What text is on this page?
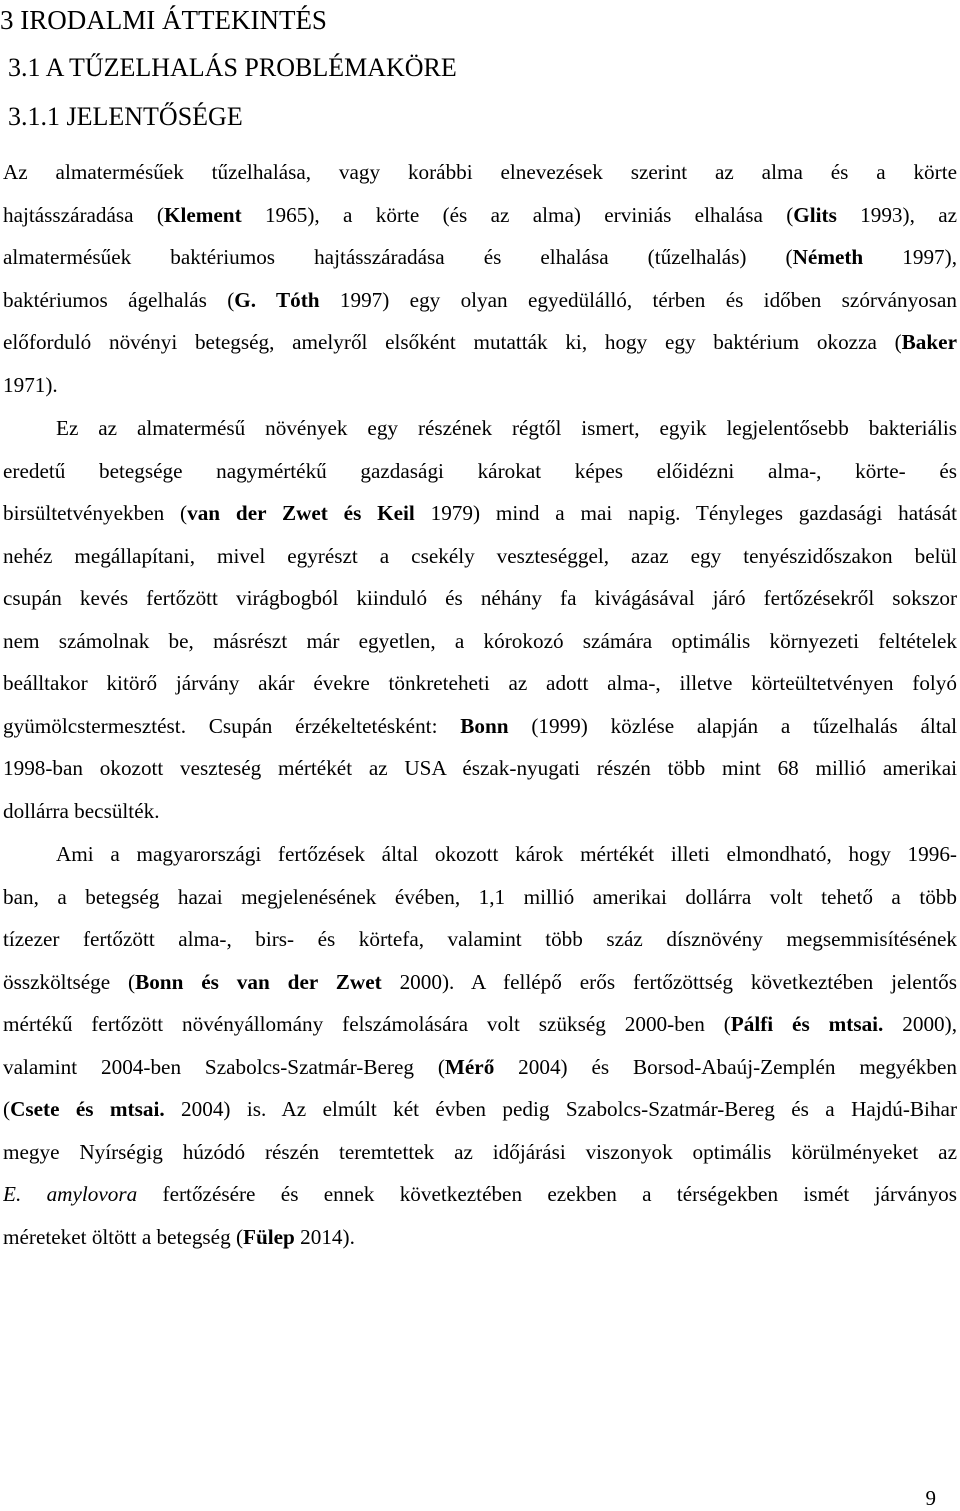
3 IRODALMI ÁTTEKINTÉS
3.1 A TŰZELHALÁS PROBLÉMAKÖRE
3.1.1 JELENTŐSÉGE
Az almatermésűek tűzelhalása, vagy korábbi elnevezések szerint az alma és a körte
hajtásszáradása (Klement 1965), a körte (és az alma) erviniás elhalása (Glits 1993), az
almatermésűek baktériumos hajtásszáradása és elhalása (tűzelhalás) (Németh 1997),
baktériumos ágelhalás (G. Tóth 1997) egy olyan egyedülálló, térben és időben szórványosan
előforduló növényi betegség, amelyről elsőként mutatták ki, hogy egy baktérium okozza (Baker
1971).
Ez az almatermésű növények egy részének régtől ismert, egyik legjelentősebb bakteriális
eredetű betegsége nagymértékű gazdasági károkat képes előidézni alma-, körte- és
birsültetvényekben (van der Zwet és Keil 1979) mind a mai napig. Tényleges gazdasági hatását
nehéz megállapítani, mivel egyrészt a csekély veszteséggel, azaz egy tenyészidőszakon belül
csupán kevés fertőzött virágbogból kiinduló és néhány fa kivágásával járó fertőzésekről sokszor
nem számolnak be, másrészt már egyetlen, a kórokozó számára optimális környezeti feltételek
beálltakor kitörő járvány akár évekre tönkreteheti az adott alma-, illetve körteültetvényen folyó
gyümölcstermesztést. Csupán érzékeltetésként: Bonn (1999) közlése alapján a tűzelhalás által
1998-ban okozott veszteség mértékét az USA észak-nyugati részén több mint 68 millió amerikai
dollárra becsülték.
Ami a magyarországi fertőzések által okozott károk mértékét illeti elmondható, hogy 1996-
ban, a betegség hazai megjelenésének évében, 1,1 millió amerikai dollárra volt tehető a több
tízezer fertőzött alma-, birs- és körtefa, valamint több száz dísznövény megsemmisítésének
összköltsége (Bonn és van der Zwet 2000). A fellépő erős fertőzöttség következtében jelentős
mértékű fertőzött növényállomány felszámolására volt szükség 2000-ben (Pálfi és mtsai. 2000),
valamint 2004-ben Szabolcs-Szatmár-Bereg (Mérő 2004) és Borsod-Abaúj-Zemplén megyékben
(Csete és mtsai. 2004) is. Az elmúlt két évben pedig Szabolcs-Szatmár-Bereg és a Hajdú-Bihar
megye Nyírségig húzódó részén teremtettek az időjárási viszonyok optimális körülményeket az
E. amylovora fertőzésére és ennek következtében ezekben a térségekben ismét járványos
méreteket öltött a betegség (Fülep 2014).
9
